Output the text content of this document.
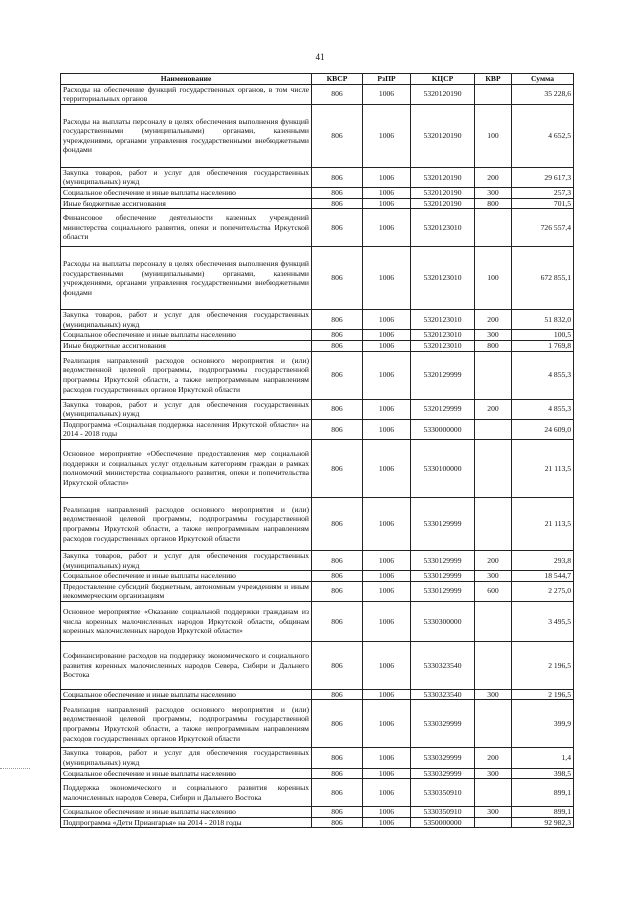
41
Наименование	КВСР	РзПР	КЦСР	КВР	Сумма
Расходы на обеспечение функций государственных органов, в том числе территориальных органов	806	1006	5320120190		35 228,6
Расходы на выплаты персоналу в целях обеспечения выполнения функций государственными (муниципальными) органами, казенными учреждениями, органами управления государственными внебюджетными фондами	806	1006	5320120190	100	4 652,5
Закупка товаров, работ и услуг для обеспечения государственных (муниципальных) нужд	806	1006	5320120190	200	29 617,3
Социальное обеспечение и иные выплаты населению	806	1006	5320120190	300	257,3
Иные бюджетные ассигнования	806	1006	5320120190	800	701,5
Финансовое обеспечение деятельности казенных учреждений министерства социального развития, опеки и попечительства Иркутской области	806	1006	5320123010		726 557,4
Расходы на выплаты персоналу в целях обеспечения выполнения функций государственными (муниципальными) органами, казенными учреждениями, органами управления государственными внебюджетными фондами	806	1006	5320123010	100	672 855,1
Закупка товаров, работ и услуг для обеспечения государственных (муниципальных) нужд	806	1006	5320123010	200	51 832,0
Социальное обеспечение и иные выплаты населению	806	1006	5320123010	300	100,5
Иные бюджетные ассигнования	806	1006	5320123010	800	1 769,8
Реализация направлений расходов основного мероприятия и (или) ведомственной целевой программы, подпрограммы государственной программы Иркутской области, а также непрограммным направлениям расходов государственных органов Иркутской области	806	1006	5320129999		4 855,3
Закупка товаров, работ и услуг для обеспечения государственных (муниципальных) нужд	806	1006	5320129999	200	4 855,3
Подпрограмма «Социальная поддержка населения Иркутской области» на 2014 - 2018 годы	806	1006	5330000000		24 609,0
Основное мероприятие «Обеспечение предоставления мер социальной поддержки и социальных услуг отдельным категориям граждан в рамках полномочий министерства социального развития, опеки и попечительства Иркутской области»	806	1006	5330100000		21 113,5
Реализация направлений расходов основного мероприятия и (или) ведомственной целевой программы, подпрограммы государственной программы Иркутской области, а также непрограммным направлениям расходов государственных органов Иркутской области	806	1006	5330129999		21 113,5
Закупка товаров, работ и услуг для обеспечения государственных (муниципальных) нужд	806	1006	5330129999	200	293,8
Социальное обеспечение и иные выплаты населению	806	1006	5330129999	300	18 544,7
Предоставление субсидий бюджетным, автономным учреждениям и иным некоммерческим организациям	806	1006	5330129999	600	2 275,0
Основное мероприятие «Оказание социальной поддержки гражданам из числа коренных малочисленных народов Иркутской области, общинам коренных малочисленных народов Иркутской области»	806	1006	5330300000		3 495,5
Софинансирование расходов на поддержку экономического и социального развития коренных малочисленных народов Севера, Сибири и Дальнего Востока	806	1006	5330323540		2 196,5
Социальное обеспечение и иные выплаты населению	806	1006	5330323540	300	2 196,5
Реализация направлений расходов основного мероприятия и (или) ведомственной целевой программы, подпрограммы государственной программы Иркутской области, а также непрограммным направлениям расходов государственных органов Иркутской области	806	1006	5330329999		399,9
Закупка товаров, работ и услуг для обеспечения государственных (муниципальных) нужд	806	1006	5330329999	200	1,4
Социальное обеспечение и иные выплаты населению	806	1006	5330329999	300	398,5
Поддержка экономического и социального развития коренных малочисленных народов Севера, Сибири и Дальнего Востока	806	1006	5330350910		899,1
Социальное обеспечение и иные выплаты населению	806	1006	5330350910	300	899,1
Подпрограмма «Дети Приангарья» на 2014 - 2018 годы	806	1006	5350000000		92 982,3
